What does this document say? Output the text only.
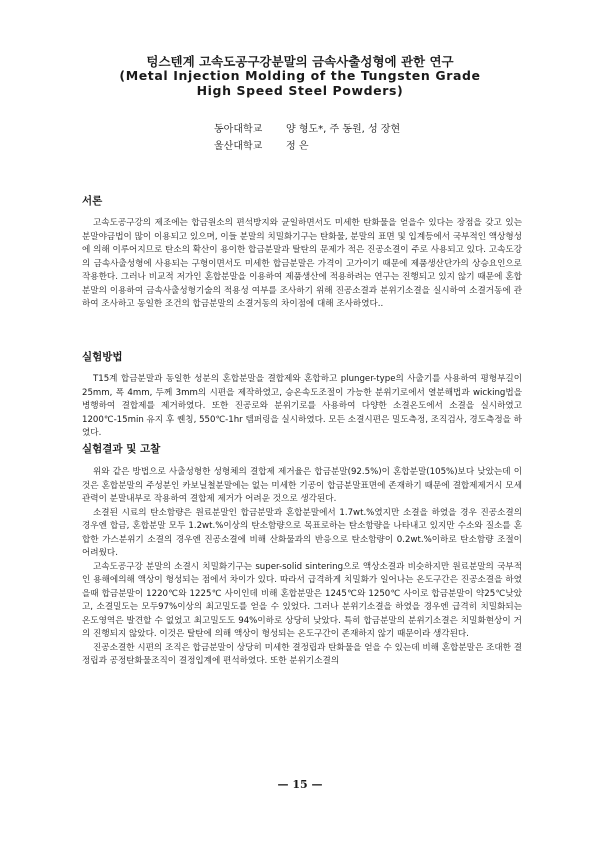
텅스텐계 고속도공구강분말의 금속사출성형에 관한 연구
(Metal Injection Molding of the Tungsten Grade
High Speed Steel Powders)
동아대학교	양 형도*, 주 동원, 성 장현
울산대학교	정 은
서론

고속도공구강의 제조에는 합금원소의 편석방지와 균일하면서도 미세한 탄화물을 얻을수 있다는 장점을 갖고 있는 분말야금법이 많이 이용되고 있으며, 이들 분말의 치밀화기구는 탄화물, 분말의 표면 및 입계등에서 국부적인 액상형성에 의해 이루어지므로 탄소의 확산이 용이한 합금분말과 탈탄의 문제가 적은 진공소결이 주로 사용되고 있다. 고속도강의 금속사출성형에 사용되는 구형이면서도 미세한 합금분말은 가격이 고가이기 때문에 제품생산단가의 상승요인으로 작용한다. 그러나 비교적 저가인 혼합분말을 이용하여 제품생산에 적용하려는 연구는 진행되고 있지 않기 때문에 혼합분말의 이용하여 금속사출성형기술의 적용성 여부를 조사하기 위해 진공소결과 분위기소결을 실시하여 소결거동에 관하여 조사하고 동일한 조건의 합금분말의 소결거동의 차이점에 대해 조사하였다..

실험방법

T15계 합금분말과 동일한 성분의 혼합분말을 결합제와 혼합하고 plunger-type의 사출기를 사용하여 평형부길이 25mm, 폭 4mm, 두께 3mm의 시편을 제작하였고, 승온속도조절이 가능한 분위기로에서 열분해법과 wicking법을 병행하여 결합제를 제거하였다. 또한 진공로와 분위기로를 사용하여 다양한 소결온도에서 소결을 실시하였고 1200℃-15min 유지 후 퀜칭, 550℃-1hr 템퍼링을 실시하였다. 모든 소결시편은 밀도측정, 조직검사, 경도측정을 하였다.

실험결과 및 고찰

위와 같은 방법으로 사출성형한 성형체의 결합제 제거율은 합금분말(92.5%)이 혼합분말(105%)보다 낮았는데 이것은 혼합분말의 주성분인 카보닐철분말에는 없는 미세한 기공이 합금분말표면에 존재하기 때문에 결합제제거시 모세관력이 분말내부로 작용하여 결합제 제거가 어려운 것으로 생각된다.

소결된 시료의 탄소함량은 원료분말인 합금분말과 혼합분말에서 1.7wt.%였지만 소결을 하였을 경우 진공소결의 경우엔 합금, 혼합분말 모두 1.2wt.%이상의 탄소함량으로 목표로하는 탄소함량을 나타내고 있지만 수소와 질소를 혼합한 가스분위기 소결의 경우엔 진공소결에 비해 산화물과의 반응으로 탄소함량이 0.2wt.%이하로 탄소함량 조절이 어려웠다.

고속도공구강 분말의 소결시 치밀화기구는 super-solid sintering으로 액상소결과 비슷하지만 원료분말의 국부적인 용해에의해 액상이 형성되는 점에서 차이가 있다. 따라서 급격하게 치밀화가 일어나는 온도구간은 진공소결을 하였을때 합금분말이 1220℃와 1225℃ 사이인데 비해 혼합분말은 1245℃와 1250℃ 사이로 합금분말이 약25℃낮았고, 소결밀도는 모두97%이상의 최고밀도를 얻을 수 있었다. 그러나 분위기소결을 하였을 경우엔 급격히 치밀화되는 온도영역은 발견할 수 없었고 최고밀도도 94%이하로 상당히 낮았다. 특히 합금분말의 분위기소결은 치밀화현상이 거의 진행되지 않았다. 이것은 탈탄에 의해 액상이 형성되는 온도구간이 존재하지 않기 때문이라 생각된다.

진공소결한 시편의 조직은 합금분말이 상당히 미세한 결정립과 탄화물을 얻을 수 있는데 비해 혼합분말은 조대한 결정립과 공정탄화물조직이 결정입계에 편석하였다. 또한 분위기소결의

— 15 —
